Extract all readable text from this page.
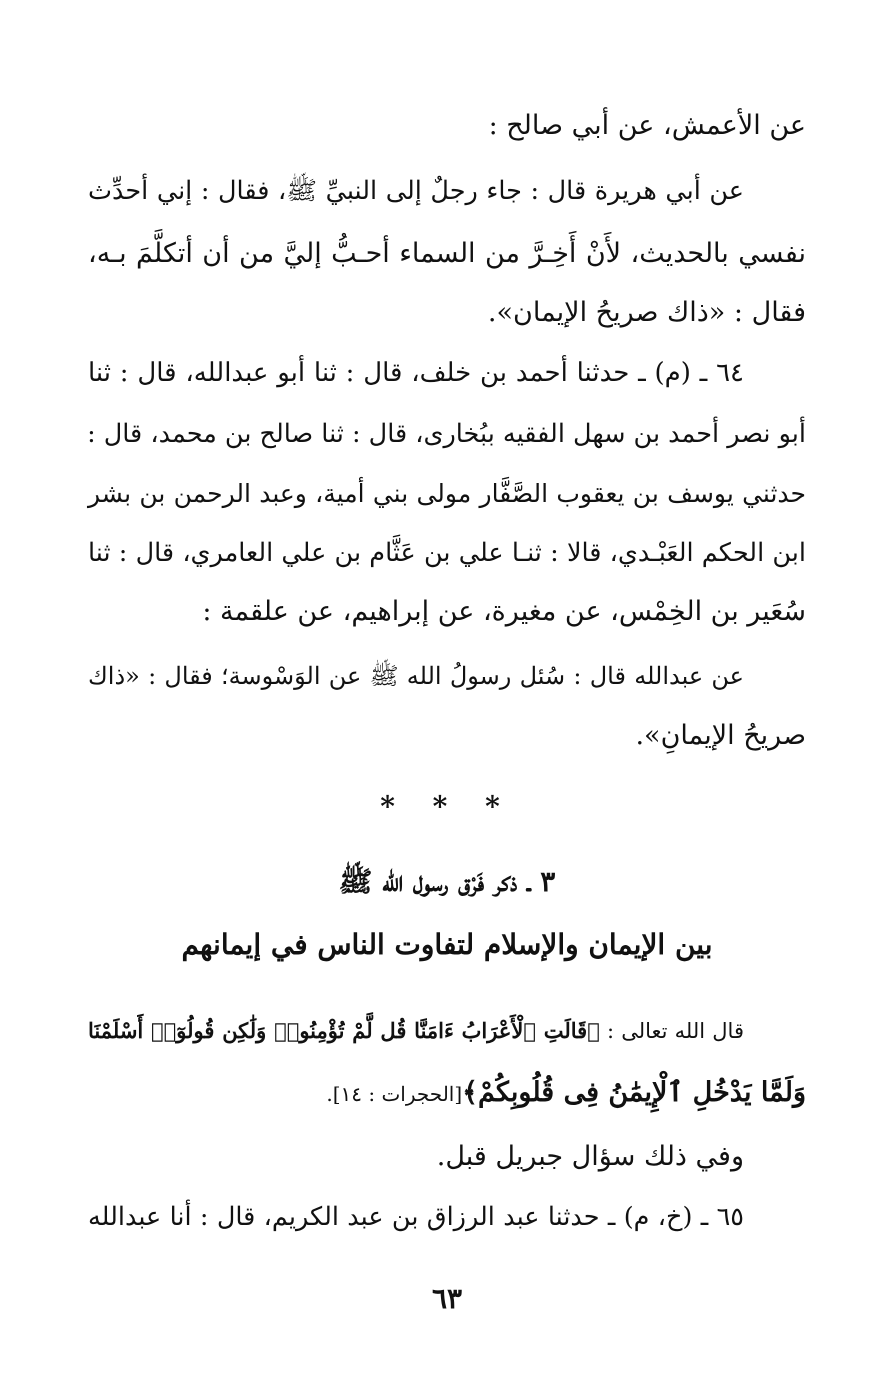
عن الأعمش، عن أبي صالح :
عن أبي هريرة قال : جاء رجلٌ إلى النبيِّ ﷺ، فقال : إني أحدِّث
نفسي بالحديث، لأَنْ أَخِـرَّ من السماء أحـبُّ إليَّ من أن أتكلَّمَ بـه،
فقال : «ذاك صريحُ الإيمان».
٦٤ ـ (م) ـ حدثنا أحمد بن خلف، قال : ثنا أبو عبدالله، قال : ثنا
أبو نصر أحمد بن سهل الفقيه ببُخارى، قال : ثنا صالح بن محمد، قال :
حدثني يوسف بن يعقوب الصَّفَّار مولى بني أمية، وعبد الرحمن بن بشر
ابن الحكم العَبْـدي، قالا : ثنـا علي بن عَثَّام بن علي العامري، قال : ثنا
سُعَير بن الخِمْس، عن مغيرة، عن إبراهيم، عن علقمة :
عن عبدالله قال : سُئل رسولُ الله ﷺ عن الوَسْوسة؛ فقال : «ذاك
صريحُ الإيمانِ».
* * *
٣ ـ ذكر فَرْق رسول الله ﷺ
بين الإيمان والإسلام لتفاوت الناس في إيمانهم
قال الله تعالى : ﴿قَالَتِ ٱلْأَعْرَابُ ءَامَنَّا قُل لَّمْ تُؤْمِنُوا۟ وَلَٰكِن قُولُوٓا۟ أَسْلَمْنَا
وَلَمَّا يَدْخُلِ ٱلْإِيمَٰنُ فِى قُلُوبِكُمْ﴾[الحجرات : ١٤].
وفي ذلك سؤال جبريل قبل.
٦٥ ـ (خ، م) ـ حدثنا عبد الرزاق بن عبد الكريم، قال : أنا عبدالله
٦٣
